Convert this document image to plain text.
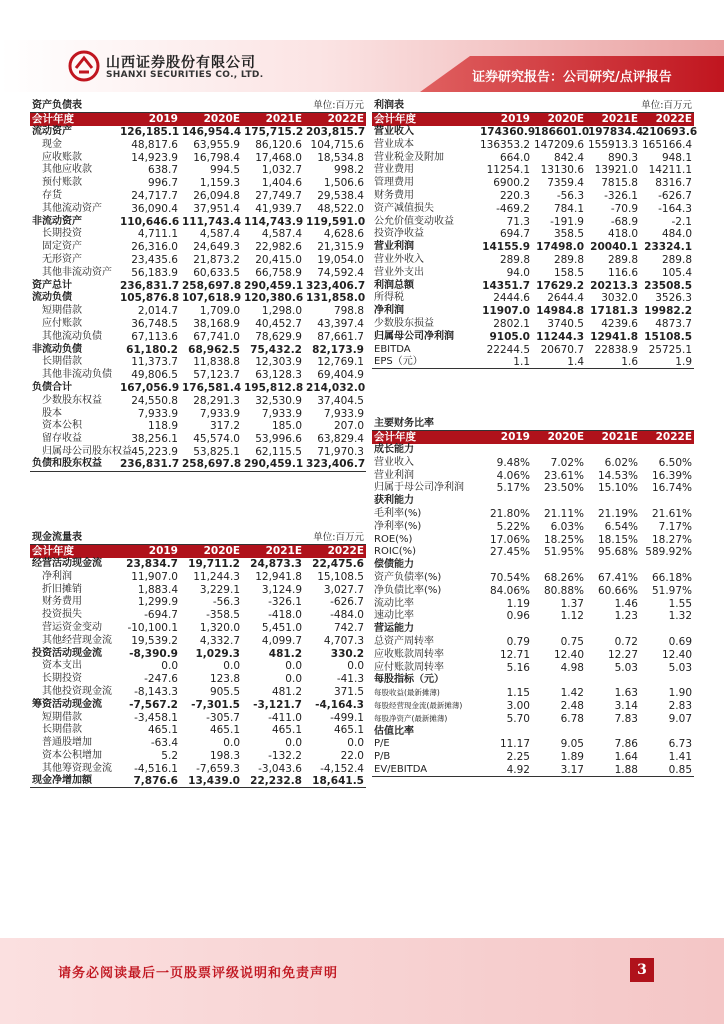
山西证券股份有限公司
SHANXI SECURITIES CO., LTD.	证券研究报告：公司研究/点评报告
资产负债表		单位:百万元		
会计年度	2019	2020E	2021E	2022E
流动资产	126,185.1	146,954.4	175,715.2	203,815.7
现金	48,817.6	63,955.9	86,120.6	104,715.6
应收账款	14,923.9	16,798.4	17,468.0	18,534.8
其他应收款	638.7	994.5	1,032.7	998.2
预付账款	996.7	1,159.3	1,404.6	1,506.6
存货	24,717.7	26,094.8	27,749.7	29,538.4
其他流动资产	36,090.4	37,951.4	41,939.7	48,522.0
非流动资产	110,646.6	111,743.4	114,743.9	119,591.0
长期投资	4,711.1	4,587.4	4,587.4	4,628.6
固定资产	26,316.0	24,649.3	22,982.6	21,315.9
无形资产	23,435.6	21,873.2	20,415.0	19,054.0
其他非流动资产	56,183.9	60,633.5	66,758.9	74,592.4
资产总计	236,831.7	258,697.8	290,459.1	323,406.7
流动负债	105,876.8	107,618.9	120,380.6	131,858.0
短期借款	2,014.7	1,709.0	1,298.0	798.8
应付账款	36,748.5	38,168.9	40,452.7	43,397.4
其他流动负债	67,113.6	67,741.0	78,629.9	87,661.7
非流动负债	61,180.2	68,962.5	75,432.2	82,173.9
长期借款	11,373.7	11,838.8	12,303.9	12,769.1
其他非流动负债	49,806.5	57,123.7	63,128.3	69,404.9
负债合计	167,056.9	176,581.4	195,812.8	214,032.0
少数股东权益	24,550.8	28,291.3	32,530.9	37,404.5
股本	7,933.9	7,933.9	7,933.9	7,933.9
资本公积	118.9	317.2	185.0	207.0
留存收益	38,256.1	45,574.0	53,996.6	63,829.4
归属母公司股东权益	45,223.9	53,825.1	62,115.5	71,970.3
负债和股东权益	236,831.7	258,697.8	290,459.1	323,406.7
现金流量表		单位:百万元		
会计年度	2019	2020E	2021E	2022E
经营活动现金流	23,834.7	19,711.2	24,873.3	22,475.6
净利润	11,907.0	11,244.3	12,941.8	15,108.5
折旧摊销	1,883.4	3,229.1	3,124.9	3,027.7
财务费用	1,299.9	-56.3	-326.1	-626.7
投资损失	-694.7	-358.5	-418.0	-484.0
营运资金变动	-10,100.1	1,320.0	5,451.0	742.7
其他经营现金流	19,539.2	4,332.7	4,099.7	4,707.3
投资活动现金流	-8,390.9	1,029.3	481.2	330.2
资本支出	0.0	0.0	0.0	0.0
长期投资	-247.6	123.8	0.0	-41.3
其他投资现金流	-8,143.3	905.5	481.2	371.5
筹资活动现金流	-7,567.2	-7,301.5	-3,121.7	-4,164.3
短期借款	-3,458.1	-305.7	-411.0	-499.1
长期借款	465.1	465.1	465.1	465.1
普通股增加	-63.4	0.0	0.0	0.0
资本公积增加	5.2	198.3	-132.2	22.0
其他筹资现金流	-4,516.1	-7,659.3	-3,043.6	-4,152.4
现金净增加额	7,876.6	13,439.0	22,232.8	18,641.5
利润表		单位:百万元		
会计年度	2019	2020E	2021E	2022E
营业收入	174360.9	186601.0	197834.4	210693.6
营业成本	136353.2	147209.6	155913.3	165166.4
营业税金及附加	664.0	842.4	890.3	948.1
营业费用	11254.1	13130.6	13921.0	14211.1
管理费用	6900.2	7359.4	7815.8	8316.7
财务费用	220.3	-56.3	-326.1	-626.7
资产减值损失	-469.2	784.1	-70.9	-164.3
公允价值变动收益	71.3	-191.9	-68.9	-2.1
投资净收益	694.7	358.5	418.0	484.0
营业利润	14155.9	17498.0	20040.1	23324.1
营业外收入	289.8	289.8	289.8	289.8
营业外支出	94.0	158.5	116.6	105.4
利润总额	14351.7	17629.2	20213.3	23508.5
所得税	2444.6	2644.4	3032.0	3526.3
净利润	11907.0	14984.8	17181.3	19982.2
少数股东损益	2802.1	3740.5	4239.6	4873.7
归属母公司净利润	9105.0	11244.3	12941.8	15108.5
EBITDA	22244.5	20670.7	22838.9	25725.1
EPS（元）	1.1	1.4	1.6	1.9
主要财务比率				
会计年度	2019	2020E	2021E	2022E
成长能力				
营业收入	9.48%	7.02%	6.02%	6.50%
营业利润	4.06%	23.61%	14.53%	16.39%
归属于母公司净利润	5.17%	23.50%	15.10%	16.74%
获利能力				
毛利率(%)	21.80%	21.11%	21.19%	21.61%
净利率(%)	5.22%	6.03%	6.54%	7.17%
ROE(%)	17.06%	18.25%	18.15%	18.27%
ROIC(%)	27.45%	51.95%	95.68%	589.92%
偿债能力				
资产负债率(%)	70.54%	68.26%	67.41%	66.18%
净负债比率(%)	84.06%	80.88%	60.66%	51.97%
流动比率	1.19	1.37	1.46	1.55
速动比率	0.96	1.12	1.23	1.32
营运能力				
总资产周转率	0.79	0.75	0.72	0.69
应收账款周转率	12.71	12.40	12.27	12.40
应付账款周转率	5.16	4.98	5.03	5.03
每股指标（元）				
每股收益(最新摊薄)	1.15	1.42	1.63	1.90
每股经营现金流(最新摊薄)	3.00	2.48	3.14	2.83
每股净资产(最新摊薄)	5.70	6.78	7.83	9.07
估值比率				
P/E	11.17	9.05	7.86	6.73
P/B	2.25	1.89	1.64	1.41
EV/EBITDA	4.92	3.17	1.88	0.85
请务必阅读最后一页股票评级说明和免责声明	3
